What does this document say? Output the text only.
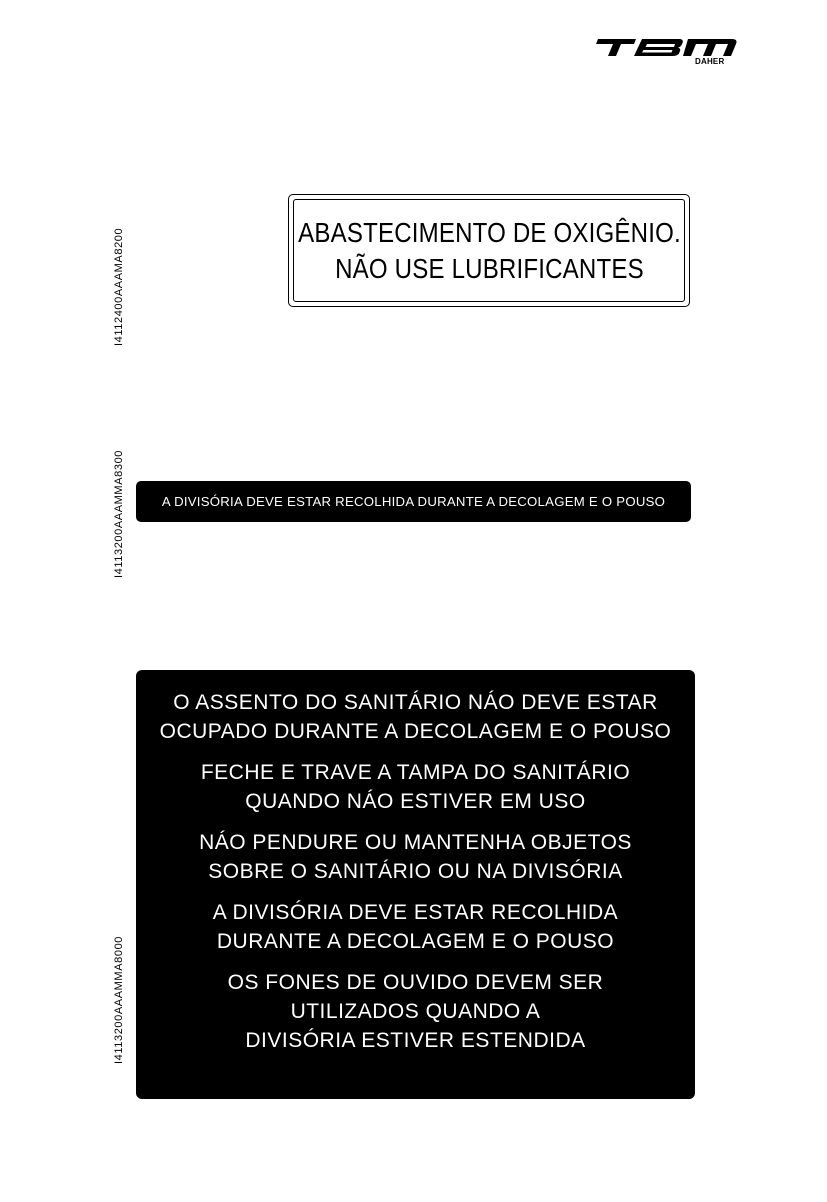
DAHER
I4112400AAAMA8200
I4113200AAAMMA8300
I4113200AAAMMA8000
ABASTECIMENTO DE OXIGÊNIO.
NÃO USE LUBRIFICANTES
A DIVISÓRIA DEVE ESTAR RECOLHIDA DURANTE A DECOLAGEM E O POUSO
O ASSENTO DO SANITÁRIO NÁO DEVE ESTAR
OCUPADO DURANTE A DECOLAGEM E O POUSO
FECHE E TRAVE A TAMPA DO SANITÁRIO
QUANDO NÁO ESTIVER EM USO
NÁO PENDURE OU MANTENHA OBJETOS
SOBRE O SANITÁRIO OU NA DIVISÓRIA
A DIVISÓRIA DEVE ESTAR RECOLHIDA
DURANTE A DECOLAGEM E O POUSO
OS FONES DE OUVIDO DEVEM SER
UTILIZADOS QUANDO A
DIVISÓRIA ESTIVER ESTENDIDA
